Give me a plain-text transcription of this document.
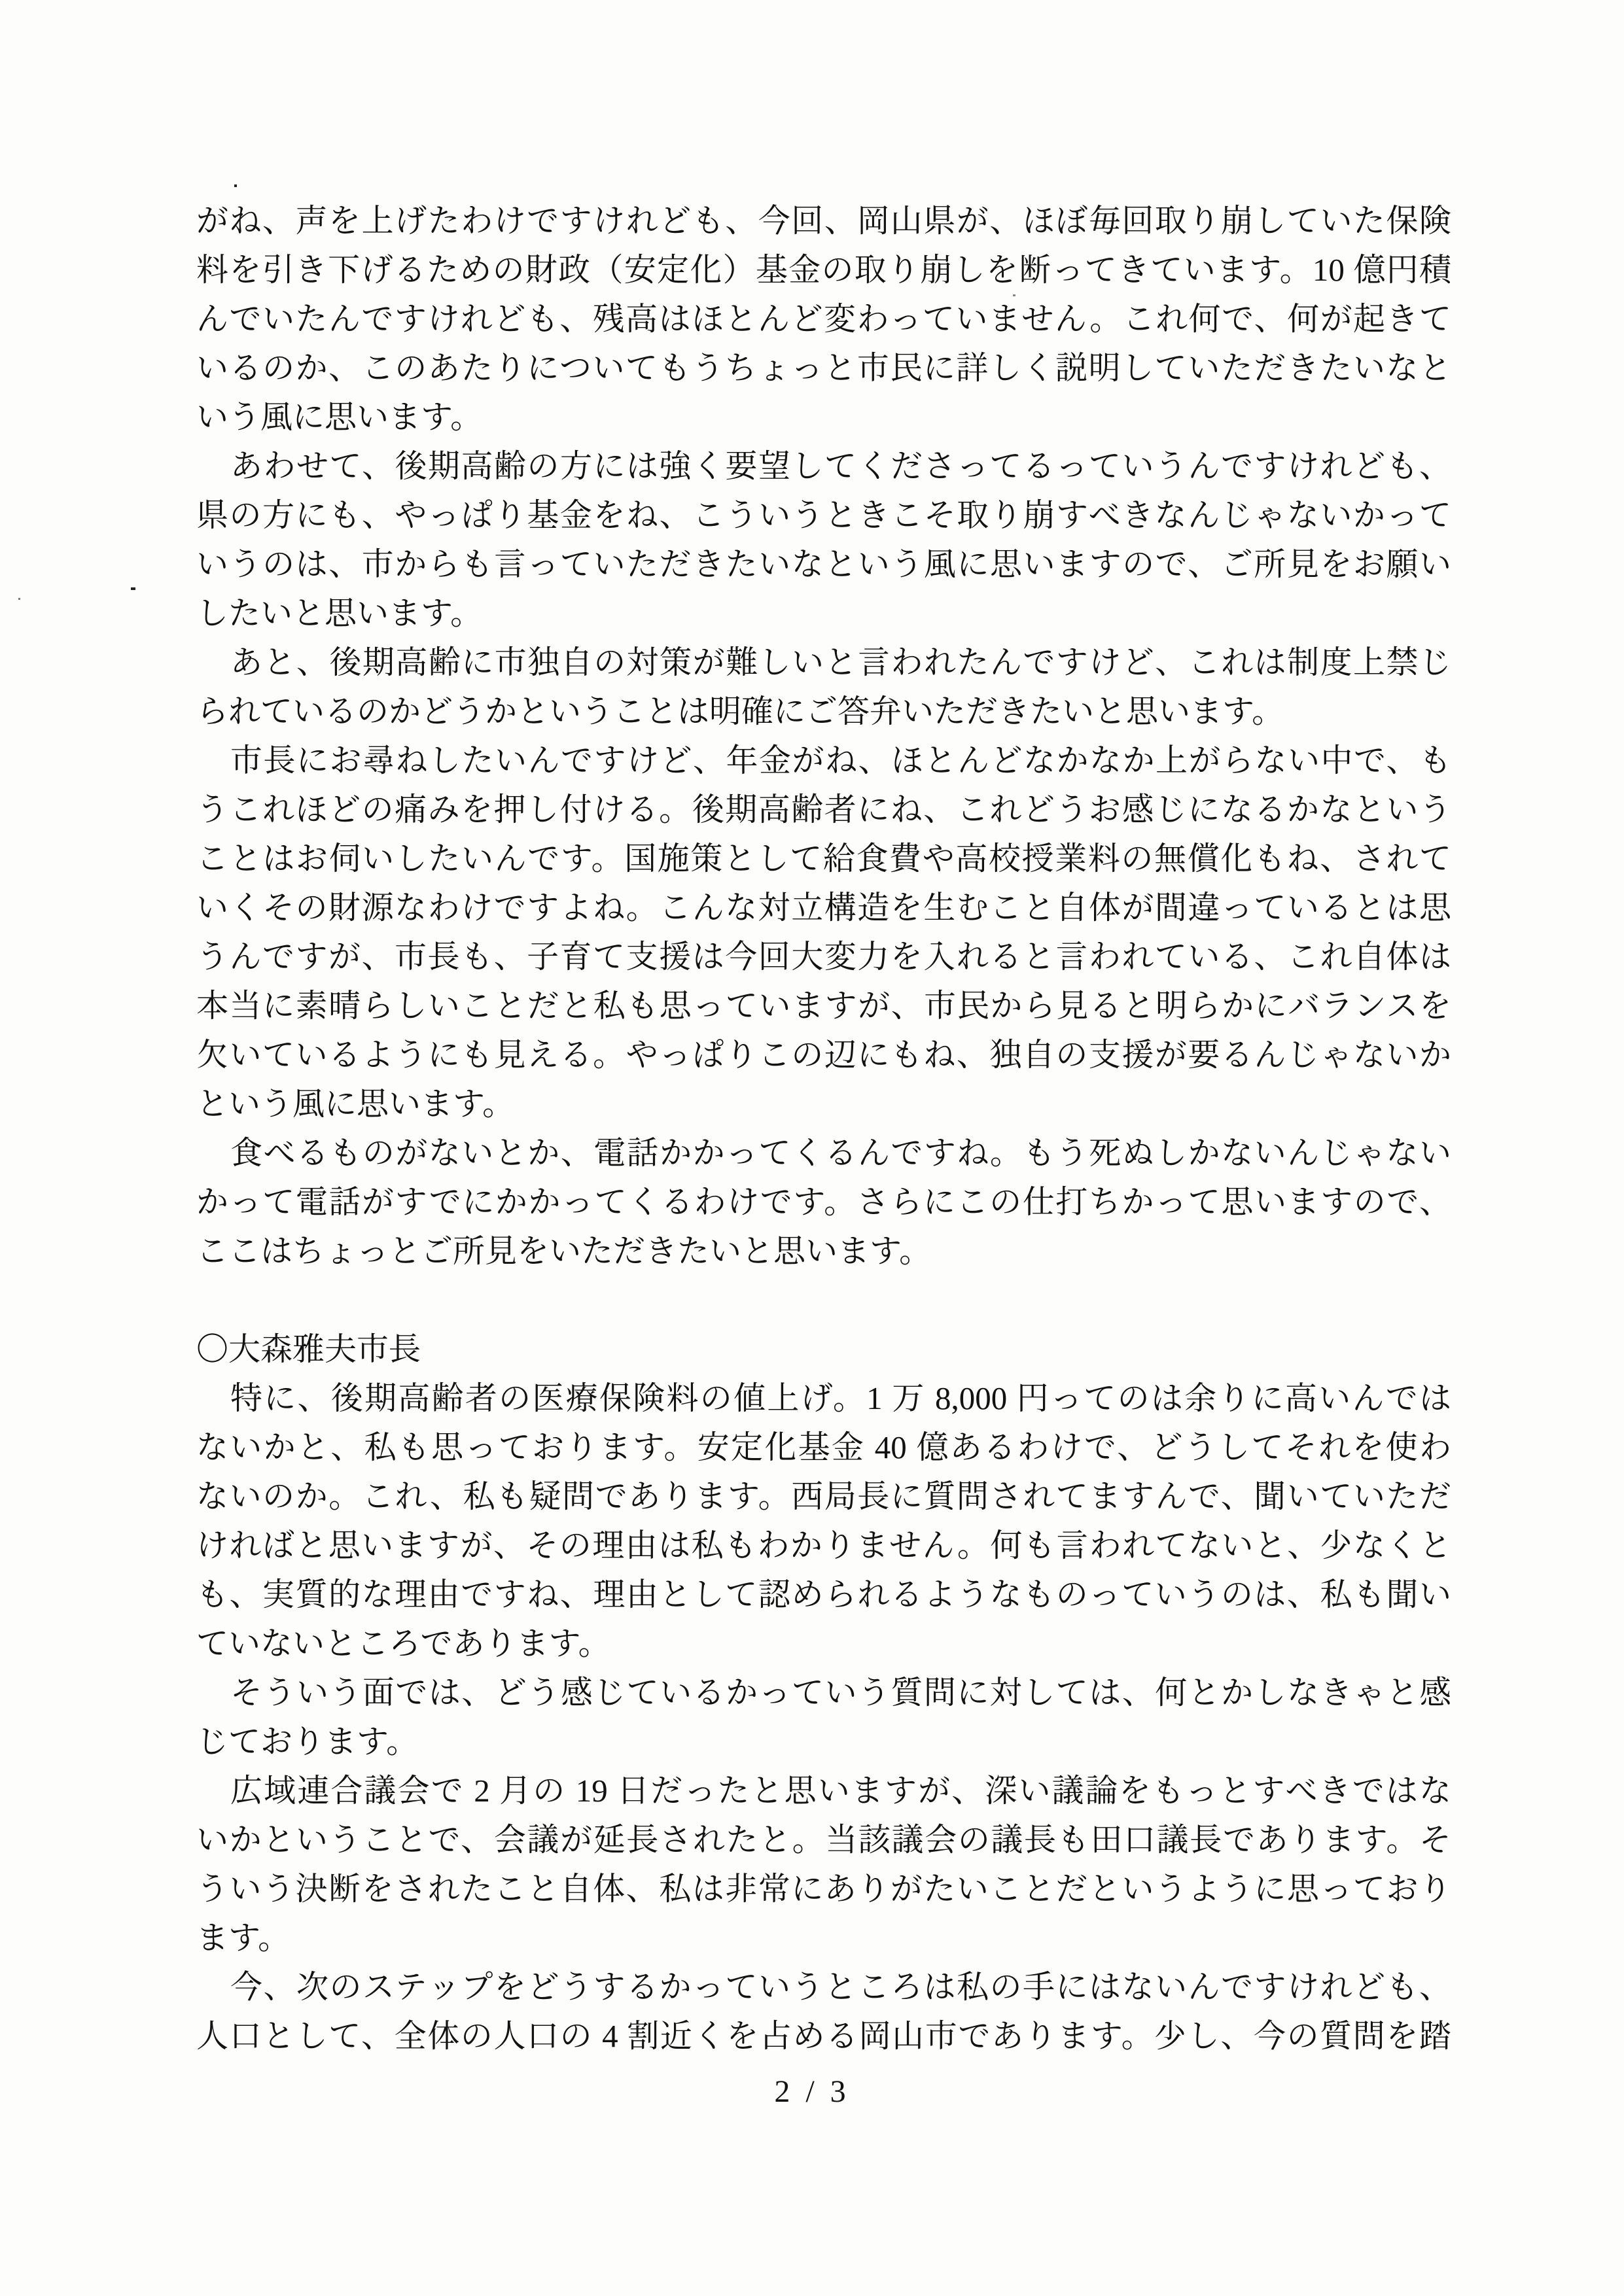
がね、声を上げたわけですけれども、今回、岡山県が、ほぼ毎回取り崩していた保険
料を引き下げるための財政（安定化）基金の取り崩しを断ってきています。10 億円積
んでいたんですけれども、残高はほとんど変わっていません。これ何で、何が起きて
いるのか、このあたりについてもうちょっと市民に詳しく説明していただきたいなと
いう風に思います。
あわせて、後期高齢の方には強く要望してくださってるっていうんですけれども、
県の方にも、やっぱり基金をね、こういうときこそ取り崩すべきなんじゃないかって
いうのは、市からも言っていただきたいなという風に思いますので、ご所見をお願い
したいと思います。
あと、後期高齢に市独自の対策が難しいと言われたんですけど、これは制度上禁じ
られているのかどうかということは明確にご答弁いただきたいと思います。
市長にお尋ねしたいんですけど、年金がね、ほとんどなかなか上がらない中で、も
うこれほどの痛みを押し付ける。後期高齢者にね、これどうお感じになるかなという
ことはお伺いしたいんです。国施策として給食費や高校授業料の無償化もね、されて
いくその財源なわけですよね。こんな対立構造を生むこと自体が間違っているとは思
うんですが、市長も、子育て支援は今回大変力を入れると言われている、これ自体は
本当に素晴らしいことだと私も思っていますが、市民から見ると明らかにバランスを
欠いているようにも見える。やっぱりこの辺にもね、独自の支援が要るんじゃないか
という風に思います。
食べるものがないとか、電話かかってくるんですね。もう死ぬしかないんじゃない
かって電話がすでにかかってくるわけです。さらにこの仕打ちかって思いますので、
ここはちょっとご所見をいただきたいと思います。
〇大森雅夫市長
特に、後期高齢者の医療保険料の値上げ。1 万 8,000 円ってのは余りに高いんでは
ないかと、私も思っております。安定化基金 40 億あるわけで、どうしてそれを使わ
ないのか。これ、私も疑問であります。西局長に質問されてますんで、聞いていただ
ければと思いますが、その理由は私もわかりません。何も言われてないと、少なくと
も、実質的な理由ですね、理由として認められるようなものっていうのは、私も聞い
ていないところであります。
そういう面では、どう感じているかっていう質問に対しては、何とかしなきゃと感
じております。
広域連合議会で 2 月の 19 日だったと思いますが、深い議論をもっとすべきではな
いかということで、会議が延長されたと。当該議会の議長も田口議長であります。そ
ういう決断をされたこと自体、私は非常にありがたいことだというように思っており
ます。
今、次のステップをどうするかっていうところは私の手にはないんですけれども、
人口として、全体の人口の 4 割近くを占める岡山市であります。少し、今の質問を踏
2 / 3
